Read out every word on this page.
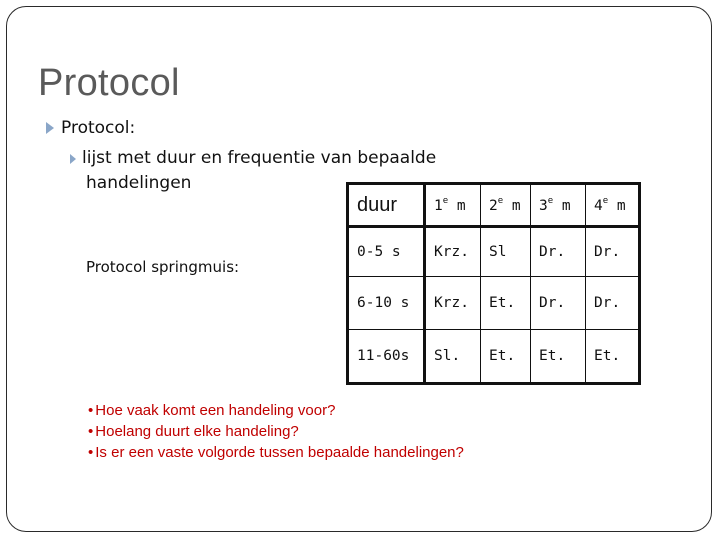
Protocol
Protocol:
lijst met duur en frequentie van bepaalde
handelingen
Protocol springmuis:
duur	1e m	2e m	3e m	4e m
0-5 s	Krz.	Sl	Dr.	Dr.
6-10 s	Krz.	Et.	Dr.	Dr.
11-60s	Sl.	Et.	Et.	Et.
• Hoe vaak komt een handeling voor?
• Hoelang duurt elke handeling?
• Is er een vaste volgorde tussen bepaalde handelingen?
